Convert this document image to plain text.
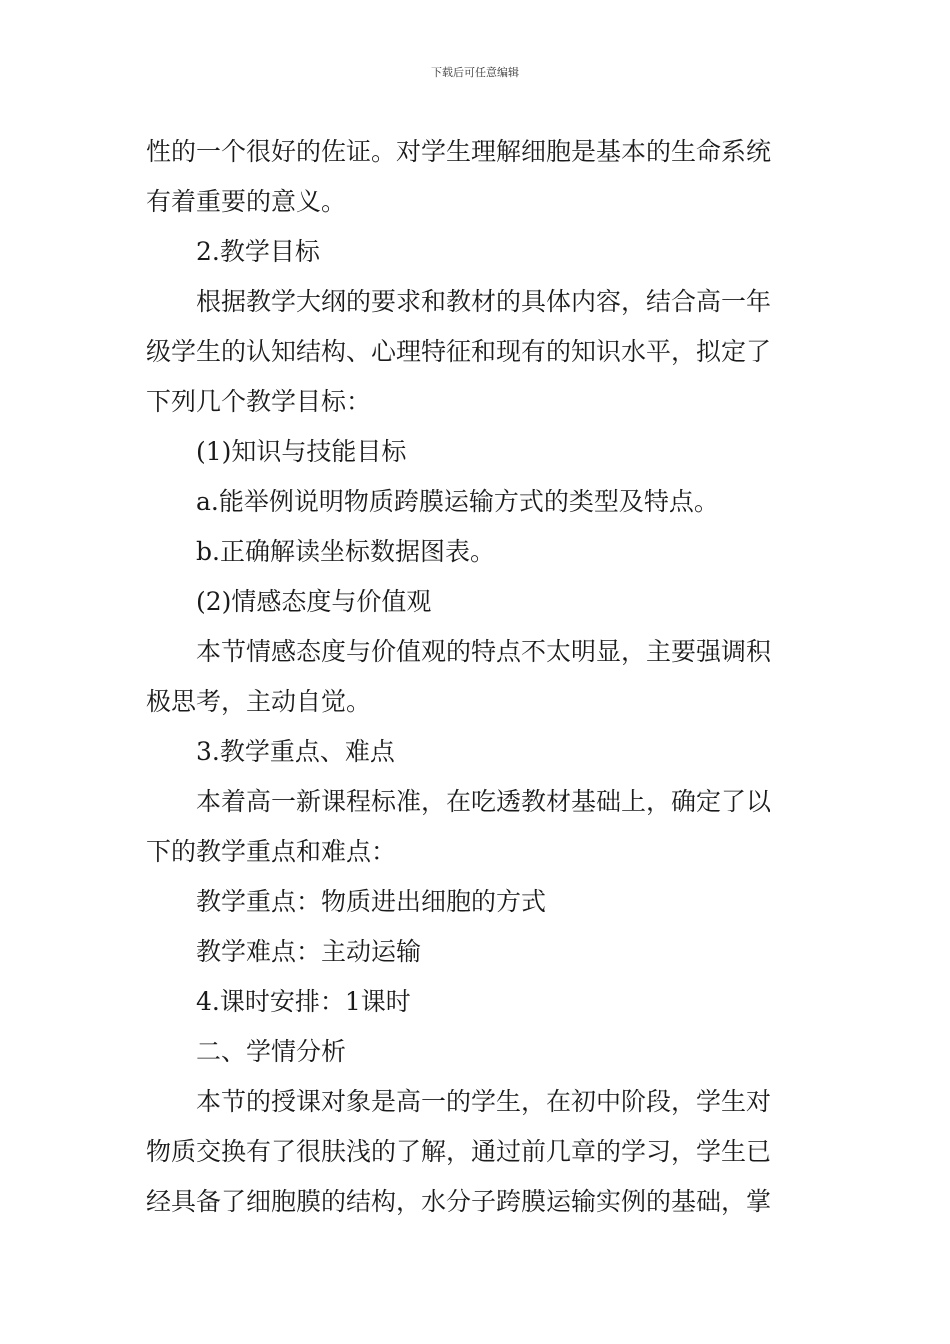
下载后可任意编辑
性的一个很好的佐证。对学生理解细胞是基本的生命系统
有着重要的意义。
2.教学目标
根据教学大纲的要求和教材的具体内容，结合高一年
级学生的认知结构、心理特征和现有的知识水平，拟定了
下列几个教学目标：
(1)知识与技能目标
a.能举例说明物质跨膜运输方式的类型及特点。
b.正确解读坐标数据图表。
(2)情感态度与价值观
本节情感态度与价值观的特点不太明显，主要强调积
极思考，主动自觉。
3.教学重点、难点
本着高一新课程标准，在吃透教材基础上，确定了以
下的教学重点和难点：
教学重点：物质进出细胞的方式
教学难点：主动运输
4.课时安排：1课时
二、学情分析
本节的授课对象是高一的学生，在初中阶段，学生对
物质交换有了很肤浅的了解，通过前几章的学习，学生已
经具备了细胞膜的结构，水分子跨膜运输实例的基础，掌
